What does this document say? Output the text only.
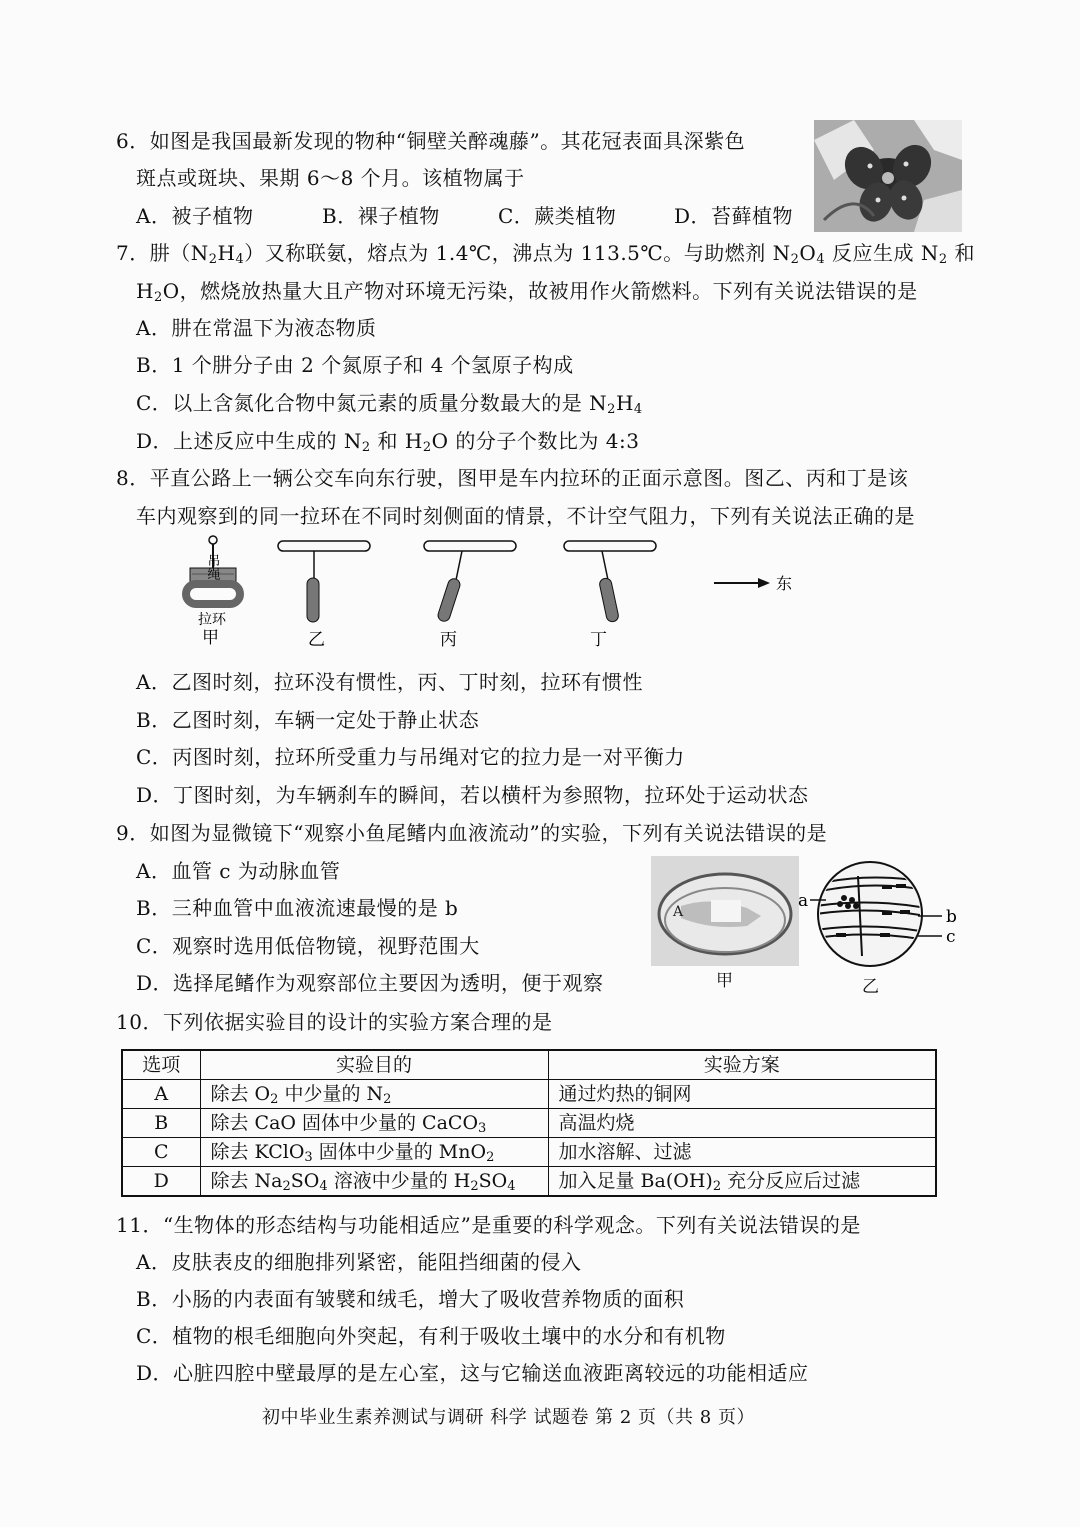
6．如图是我国最新发现的物种“铜壁关醉魂藤”。其花冠表面具深紫色
斑点或斑块、果期 6～8 个月。该植物属于
A．被子植物	B．裸子植物	C．蕨类植物	D．苔藓植物
7．肼$(N_2H_4)$又称联氨，熔点为 1.4℃，沸点为 113.5℃。与助燃剂 $N_2O_4$ 反应生成 $N_2$ 和
$H_2O$，燃烧放热量大且产物对环境无污染，故被用作火箭燃料。下列有关说法错误的是
A．肼在常温下为液态物质
B．1 个肼分子由 2 个氮原子和 4 个氢原子构成
C．以上含氮化合物中氮元素的质量分数最大的是 $N_2H_4$
D．上述反应中生成的 $N_2$ 和 $H_2O$ 的分子个数比为 4:3
8．平直公路上一辆公交车向东行驶，图甲是车内拉环的正面示意图。图乙、丙和丁是该
车内观察到的同一拉环在不同时刻侧面的情景，不计空气阻力，下列有关说法正确的是
吊绳
拉环
甲	乙	丙	丁
东
A．乙图时刻，拉环没有惯性，丙、丁时刻，拉环有惯性
B．乙图时刻，车辆一定处于静止状态
C．丙图时刻，拉环所受重力与吊绳对它的拉力是一对平衡力
D．丁图时刻，为车辆刹车的瞬间，若以横杆为参照物，拉环处于运动状态
9．如图为显微镜下“观察小鱼尾鳍内血液流动”的实验，下列有关说法错误的是
A．血管 c 为动脉血管
B．三种血管中血液流速最慢的是 b
C．观察时选用低倍物镜，视野范围大
D．选择尾鳍作为观察部位主要因为透明，便于观察
A
a
b
c
甲	乙
10．下列依据实验目的设计的实验方案合理的是
选项	实验目的	实验方案
A	除去 $O_2$ 中少量的 $N_2$	通过灼热的铜网
B	除去 CaO 固体中少量的 CaCO$_3$	高温灼烧
C	除去 KClO$_3$ 固体中少量的 MnO$_2$	加水溶解、过滤
D	除去 $Na_2SO_4$ 溶液中少量的 $H_2SO_4$	加入足量 $Ba(OH)_2$ 充分反应后过滤
11．“生物体的形态结构与功能相适应”是重要的科学观念。下列有关说法错误的是
A．皮肤表皮的细胞排列紧密，能阻挡细菌的侵入
B．小肠的内表面有皱襞和绒毛，增大了吸收营养物质的面积
C．植物的根毛细胞向外突起，有利于吸收土壤中的水分和有机物
D．心脏四腔中壁最厚的是左心室，这与它输送血液距离较远的功能相适应
初中毕业生素养测试与调研 科学 试题卷 第 2 页（共 8 页）
